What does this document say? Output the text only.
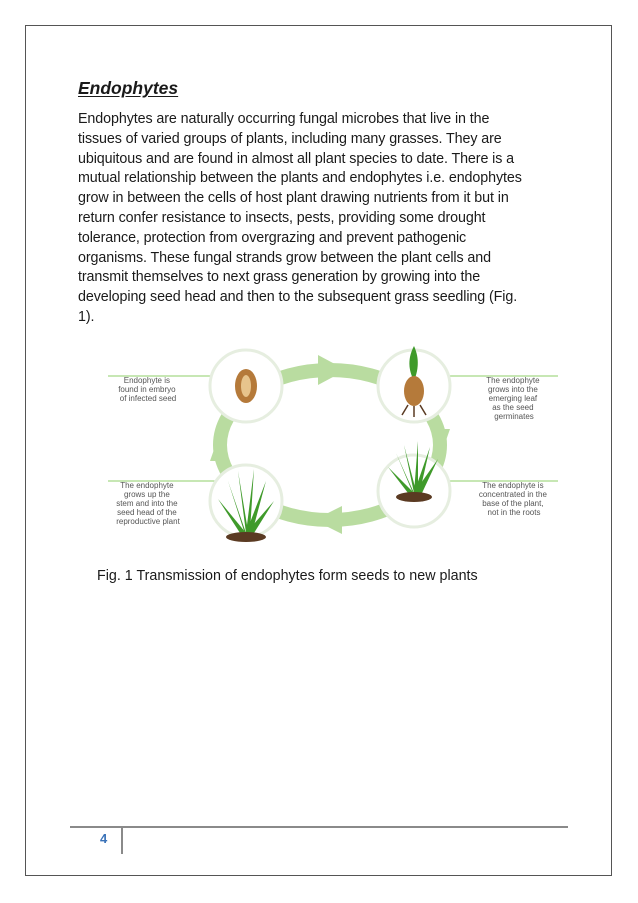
Endophytes

Endophytes are naturally occurring fungal microbes that live in the
tissues of varied groups of plants, including many grasses. They are
ubiquitous and are found in almost all plant species to date. There is a
mutual relationship between the plants and endophytes i.e. endophytes
grow in between the cells of host plant drawing nutrients from it but in
return confer resistance to insects, pests, providing some drought
tolerance, protection from overgrazing and prevent pathogenic
organisms. These fungal strands grow between the plant cells and
transmit themselves to next grass generation by growing into the
developing seed head and then to the subsequent grass seedling (Fig.
1).

Endophyte is found in embryo of infected seed
The endophyte grows into the emerging leaf as the seed germinates
The endophyte is concentrated in the base of the plant, not in the roots
The endophyte grows up the stem and into the seed head of the reproductive plant

Fig. 1 Transmission of endophytes form seeds to new plants

4
